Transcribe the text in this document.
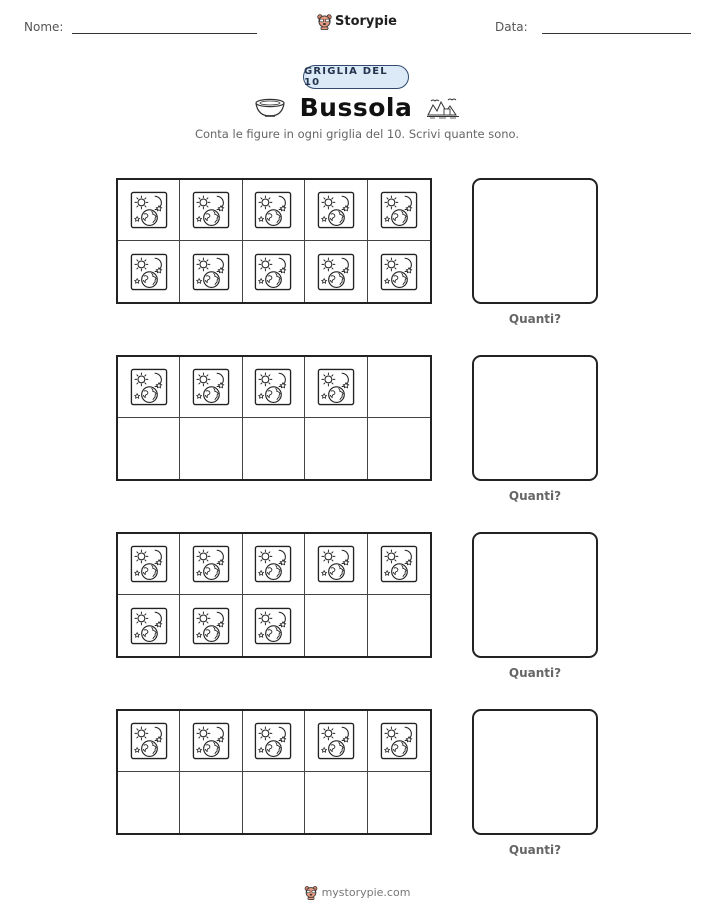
Nome:	Storypie	Data:
GRIGLIA DEL 10
Bussola
Conta le figure in ogni griglia del 10. Scrivi quante sono.
Quanti?
Quanti?
Quanti?
Quanti?
mystorypie.com
